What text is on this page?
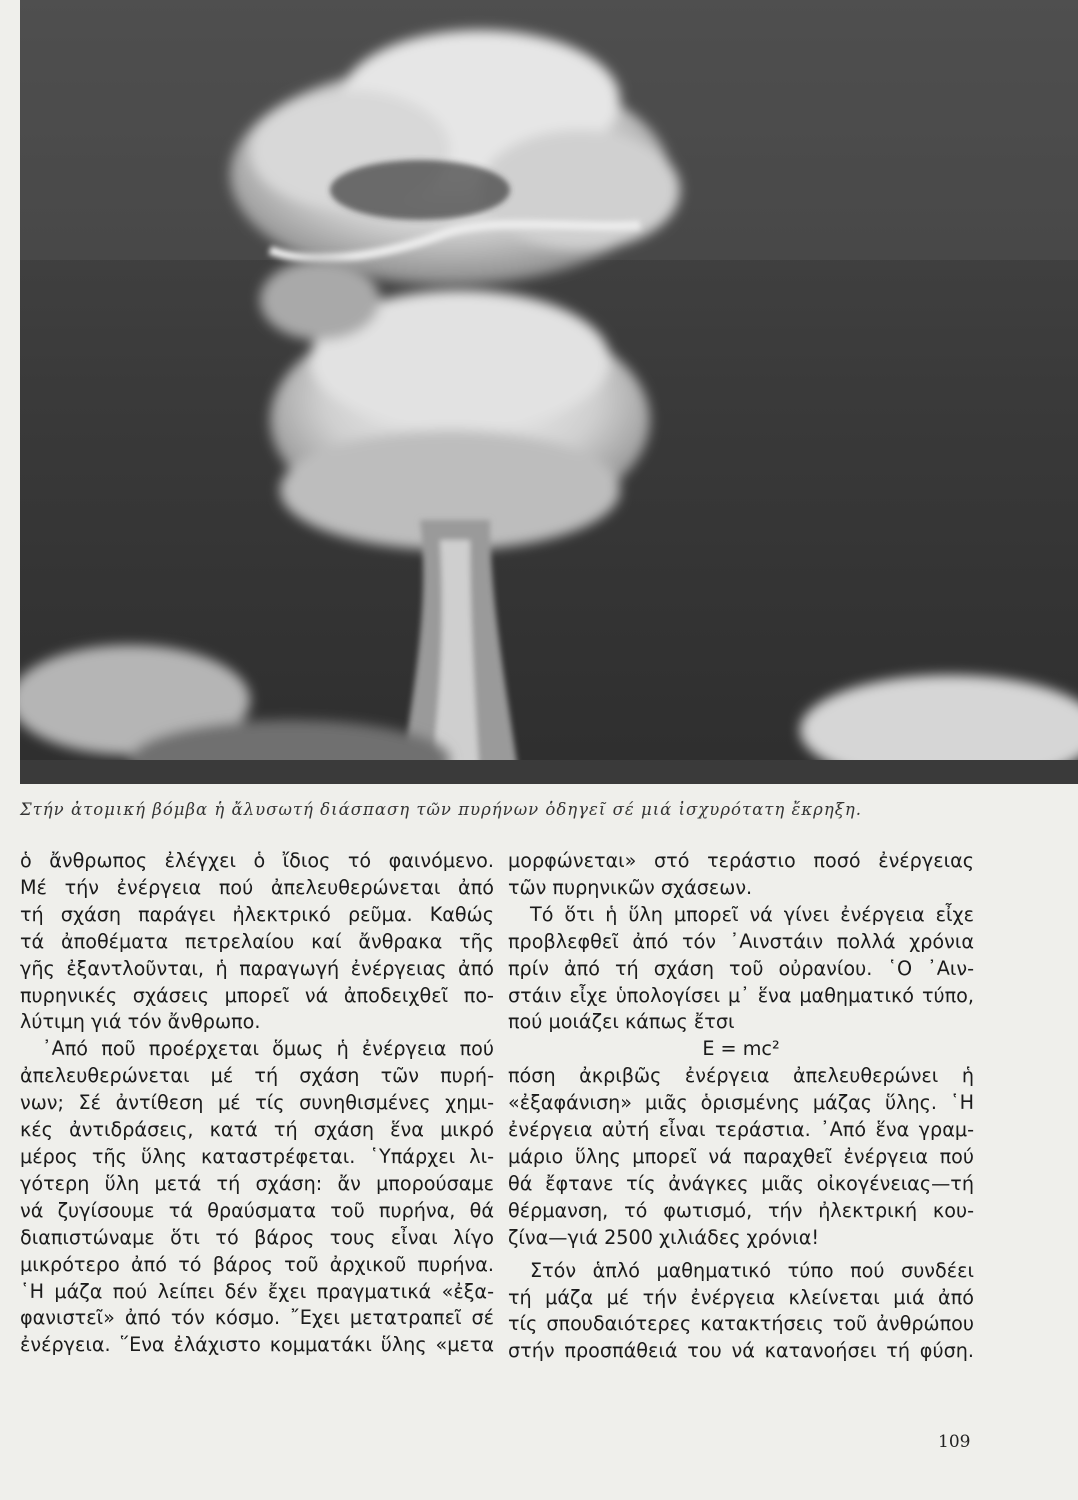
Στήν ἀτομική βόμβα ἡ ἄλυσωτή διάσπαση τῶν πυρήνων ὁδηγεῖ σέ μιά ἰσχυρότατη ἔκρηξη.

ὁ ἄνθρωπος ἐλέγχει ὁ ἴδιος τό φαινόμενο.
Μέ τήν ἐνέργεια πού ἀπελευθερώνεται ἀπό
τή σχάση παράγει ἠλεκτρικό ρεῦμα. Καθώς
τά ἀποθέματα πετρελαίου καί ἄνθρακα τῆς
γῆς ἐξαντλοῦνται, ἡ παραγωγή ἐνέργειας ἀπό
πυρηνικές σχάσεις μπορεῖ νά ἀποδειχθεῖ πο-
λύτιμη γιά τόν ἄνθρωπο.

᾿Από ποῦ προέρχεται ὅμως ἡ ἐνέργεια πού
ἀπελευθερώνεται μέ τή σχάση τῶν πυρή-
νων; Σέ ἀντίθεση μέ τίς συνηθισμένες χημι-
κές ἀντιδράσεις, κατά τή σχάση ἕνα μικρό
μέρος τῆς ὕλης καταστρέφεται. ῾Υπάρχει λι-
γότερη ὕλη μετά τή σχάση: ἄν μπορούσαμε
νά ζυγίσουμε τά θραύσματα τοῦ πυρήνα, θά
διαπιστώναμε ὅτι τό βάρος τους εἶναι λίγο
μικρότερο ἀπό τό βάρος τοῦ ἀρχικοῦ πυρήνα.
῾Η μάζα πού λείπει δέν ἔχει πραγματικά «ἐξα-
φανιστεῖ» ἀπό τόν κόσμο. ῎Εχει μετατραπεῖ σέ
ἐνέργεια. ῞Ενα ἐλάχιστο κομματάκι ὕλης «μετα

μορφώνεται» στό τεράστιο ποσό ἐνέργειας
τῶν πυρηνικῶν σχάσεων.

Τό ὅτι ἡ ὕλη μπορεῖ νά γίνει ἐνέργεια εἶχε
προβλεφθεῖ ἀπό τόν ᾿Αινστάιν πολλά χρόνια
πρίν ἀπό τή σχάση τοῦ οὐρανίου. ῾Ο ᾿Αιν-
στάιν εἶχε ὑπολογίσει μ᾿ ἕνα μαθηματικό τύπο,
πού μοιάζει κάπως ἔτσι
E = mc²
πόση ἀκριβῶς ἐνέργεια ἀπελευθερώνει ἡ
«ἐξαφάνιση» μιᾶς ὁρισμένης μάζας ὕλης. ῾Η
ἐνέργεια αὐτή εἶναι τεράστια. ᾿Από ἕνα γραμ-
μάριο ὕλης μπορεῖ νά παραχθεῖ ἐνέργεια πού
θά ἔφτανε τίς ἀνάγκες μιᾶς οἰκογένειας—τή
θέρμανση, τό φωτισμό, τήν ἠλεκτρική κου-
ζίνα—γιά 2500 χιλιάδες χρόνια!

Στόν ἁπλό μαθηματικό τύπο πού συνδέει
τή μάζα μέ τήν ἐνέργεια κλείνεται μιά ἀπό
τίς σπουδαιότερες κατακτήσεις τοῦ ἀνθρώπου
στήν προσπάθειά του νά κατανοήσει τή φύση.

109
